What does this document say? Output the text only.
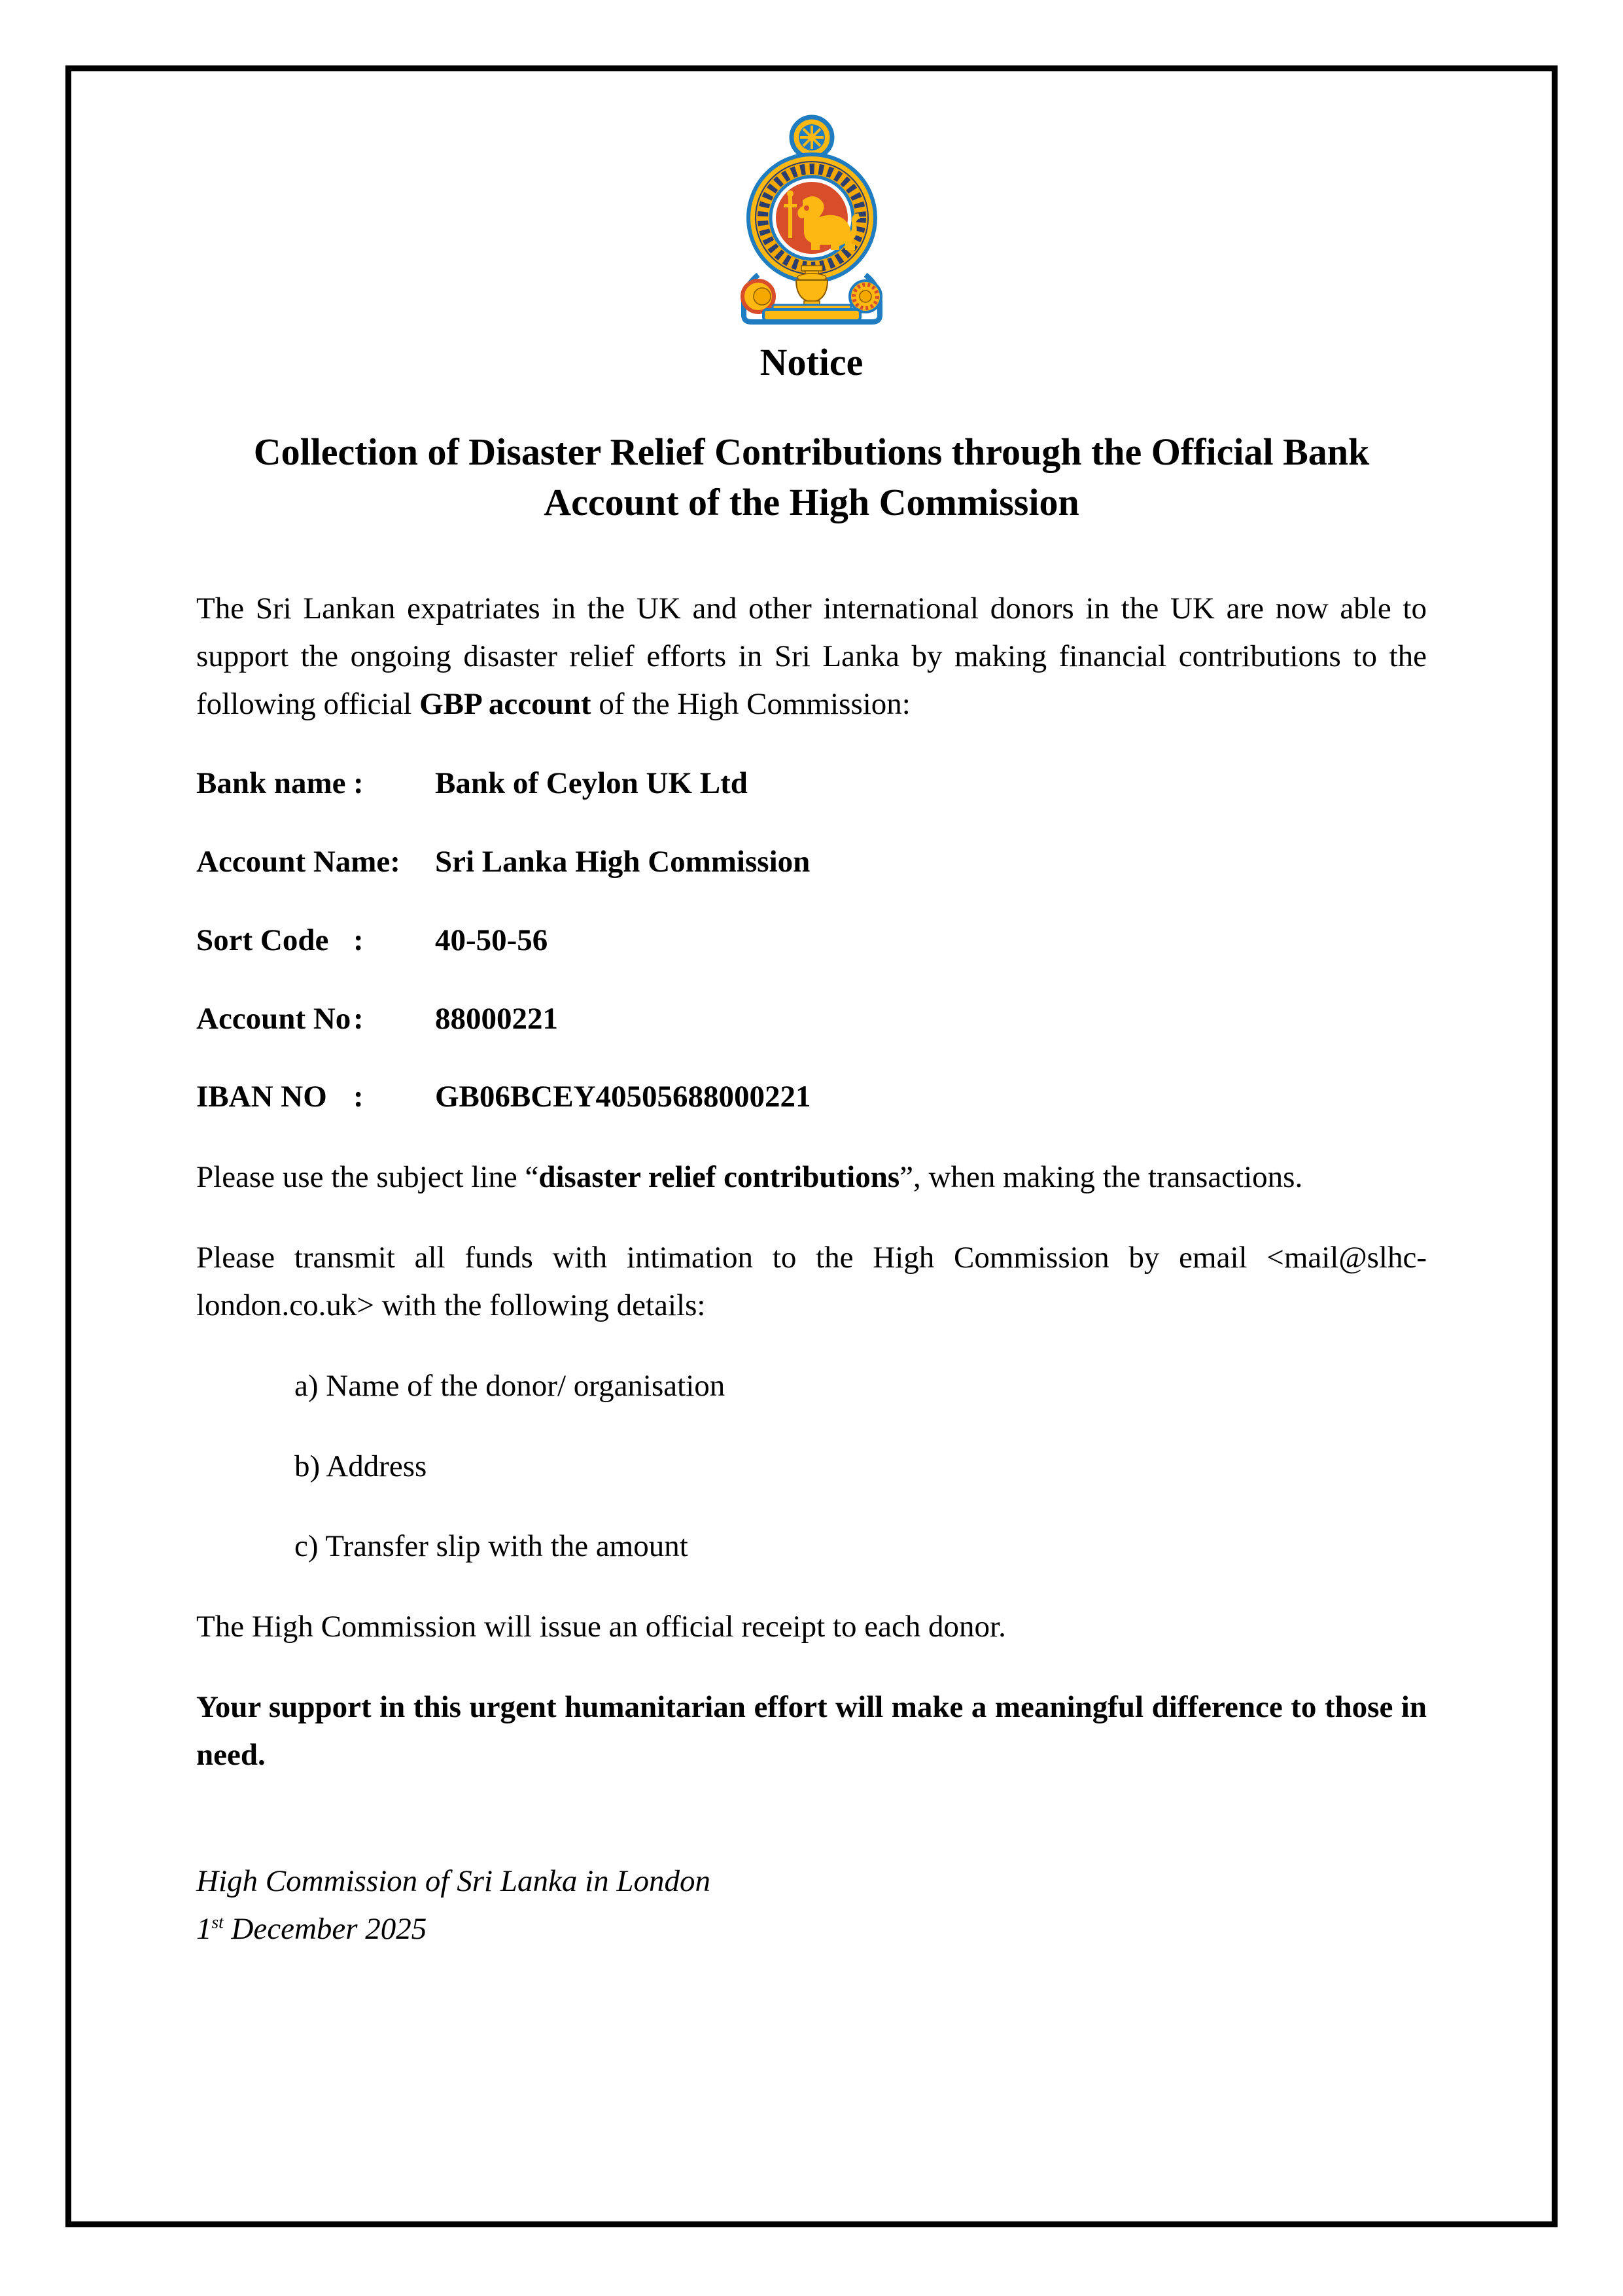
Notice
Collection of Disaster Relief Contributions through the Official Bank Account of the High Commission

The Sri Lankan expatriates in the UK and other international donors in the UK are now able to support the ongoing disaster relief efforts in Sri Lanka by making financial contributions to the following official GBP account of the High Commission:

Bank name : Bank of Ceylon UK Ltd
Account Name:	Sri Lanka High Commission
Sort Code : 40-50-56
Account No : 88000221
IBAN NO : GB06BCEY40505688000221

Please use the subject line “disaster relief contributions”, when making the transactions.

Please transmit all funds with intimation to the High Commission by email <mail@slhc-london.co.uk> with the following details:

a) Name of the donor/ organisation
b) Address
c) Transfer slip with the amount

The High Commission will issue an official receipt to each donor.

Your support in this urgent humanitarian effort will make a meaningful difference to those in need.

High Commission of Sri Lanka in London
1st December 2025
